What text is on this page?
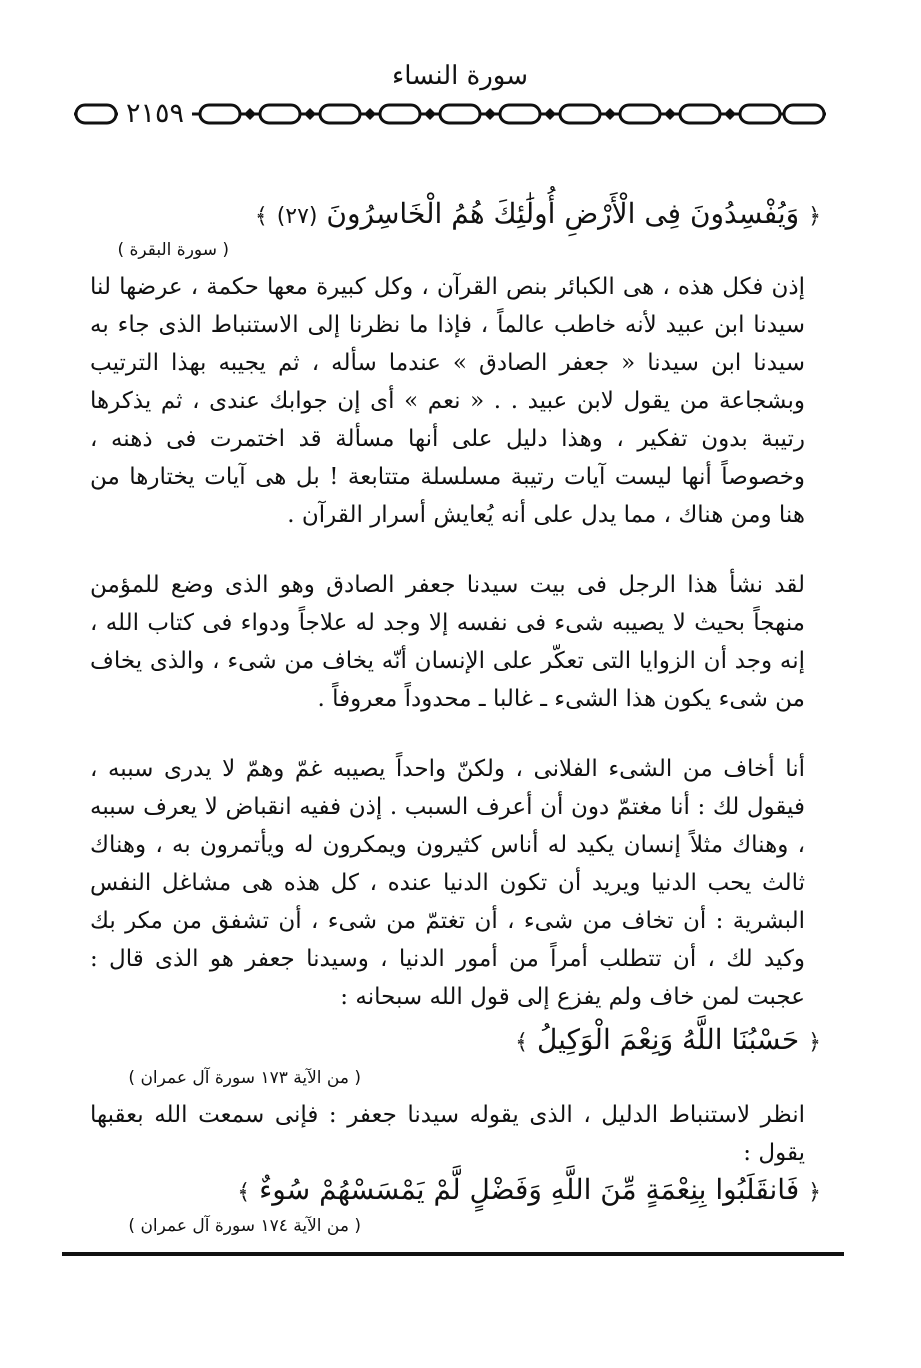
سورة النساء
٢١٥٩
﴿ وَيُفْسِدُونَ فِى الْأَرْضِ أُولَٰئِكَ هُمُ الْخَاسِرُونَ (٢٧) ﴾
( سورة البقرة )
إذن فكل هذه ، هى الكبائر بنص القرآن ، وكل كبيرة معها حكمة ، عرضها لنا سيدنا ابن عبيد لأنه خاطب عالماً ، فإذا ما نظرنا إلى الاستنباط الذى جاء به سيدنا ابن سيدنا « جعفر الصادق » عندما سأله ، ثم يجيبه بهذا الترتيب وبشجاعة من يقول لابن عبيد . . « نعم » أى إن جوابك عندى ، ثم يذكرها رتيبة بدون تفكير ، وهذا دليل على أنها مسألة قد اختمرت فى ذهنه ، وخصوصاً أنها ليست آيات رتيبة مسلسلة متتابعة ! بل هى آيات يختارها من هنا ومن هناك ، مما يدل على أنه يُعايش أسرار القرآن .
لقد نشأ هذا الرجل فى بيت سيدنا جعفر الصادق وهو الذى وضع للمؤمن منهجاً بحيث لا يصيبه شىء فى نفسه إلا وجد له علاجاً ودواء فى كتاب الله ، إنه وجد أن الزوايا التى تعكّر على الإنسان أنّه يخاف من شىء ، والذى يخاف من شىء يكون هذا الشىء ـ غالبا ـ محدوداً معروفاً .
أنا أخاف من الشىء الفلانى ، ولكنّ واحداً يصيبه غمّ وهمّ لا يدرى سببه ، فيقول لك : أنا مغتمّ دون أن أعرف السبب . إذن ففيه انقباض لا يعرف سببه ، وهناك مثلاً إنسان يكيد له أناس كثيرون ويمكرون له ويأتمرون به ، وهناك ثالث يحب الدنيا ويريد أن تكون الدنيا عنده ، كل هذه هى مشاغل النفس البشرية : أن تخاف من شىء ، أن تغتمّ من شىء ، أن تشفق من مكر بك وكيد لك ، أن تتطلب أمراً من أمور الدنيا ، وسيدنا جعفر هو الذى قال : عجبت لمن خاف ولم يفزع إلى قول الله سبحانه :
﴿ حَسْبُنَا اللَّهُ وَنِعْمَ الْوَكِيلُ ﴾
( من الآية ١٧٣ سورة آل عمران )
انظر لاستنباط الدليل ، الذى يقوله سيدنا جعفر : فإنى سمعت الله بعقبها يقول :
﴿ فَانقَلَبُوا بِنِعْمَةٍ مِّنَ اللَّهِ وَفَضْلٍ لَّمْ يَمْسَسْهُمْ سُوءٌ ﴾
( من الآية ١٧٤ سورة آل عمران )
